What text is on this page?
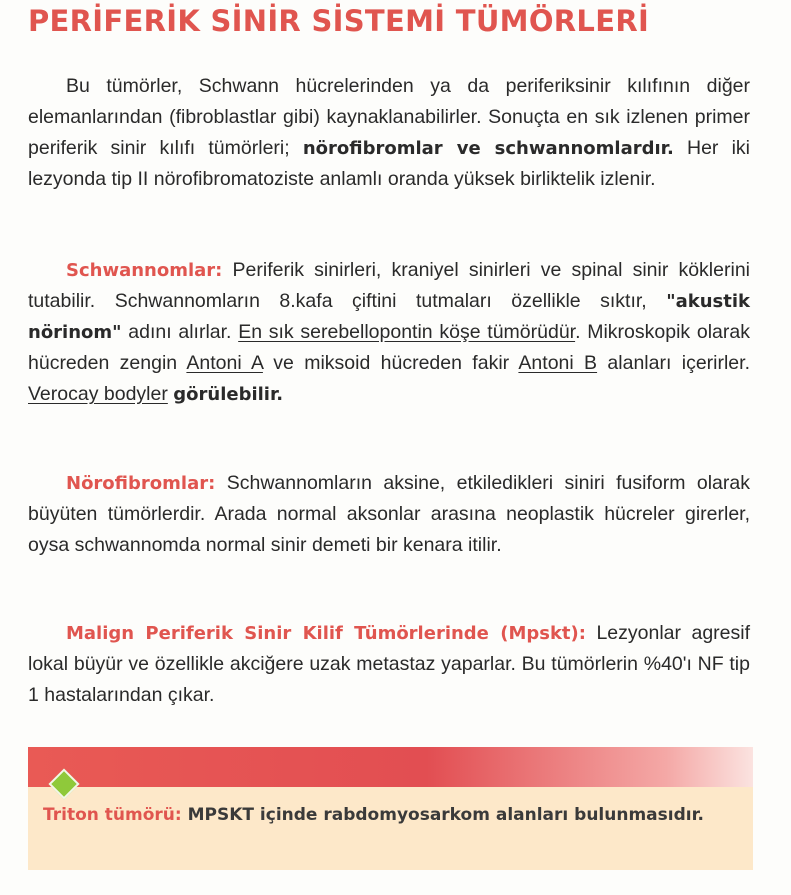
PERİFERİK SİNİR SİSTEMİ TÜMÖRLERİ

Bu tümörler, Schwann hücrelerinden ya da periferiksinir kılıfının diğer elemanlarından (fibroblastlar gibi) kaynaklanabilirler. Sonuçta en sık izlenen primer periferik sinir kılıfı tümörleri; nörofibromlar ve schwannomlardır. Her iki lezyonda tip II nörofibromatoziste anlamlı oranda yüksek birliktelik izlenir.

Schwannomlar: Periferik sinirleri, kraniyel sinirleri ve spinal sinir köklerini tutabilir. Schwannomların 8.kafa çiftini tutmaları özellikle sıktır, "akustik nörinom" adını alırlar. En sık serebellopontin köşe tümörüdür. Mikroskopik olarak hücreden zengin Antoni A ve miksoid hücreden fakir Antoni B alanları içerirler. Verocay bodyler görülebilir.

Nörofibromlar: Schwannomların aksine, etkiledikleri siniri fusiform olarak büyüten tümörlerdir. Arada normal aksonlar arasına neoplastik hücreler girerler, oysa schwannomda normal sinir demeti bir kenara itilir.

Malign Periferik Sinir Kilif Tümörlerinde (Mpskt): Lezyonlar agresif lokal büyür ve özellikle akciğere uzak metastaz yaparlar. Bu tümörlerin %40'ı NF tip 1 hastalarından çıkar.

Triton tümörü: MPSKT içinde rabdomyosarkom alanları bulunmasıdır.
